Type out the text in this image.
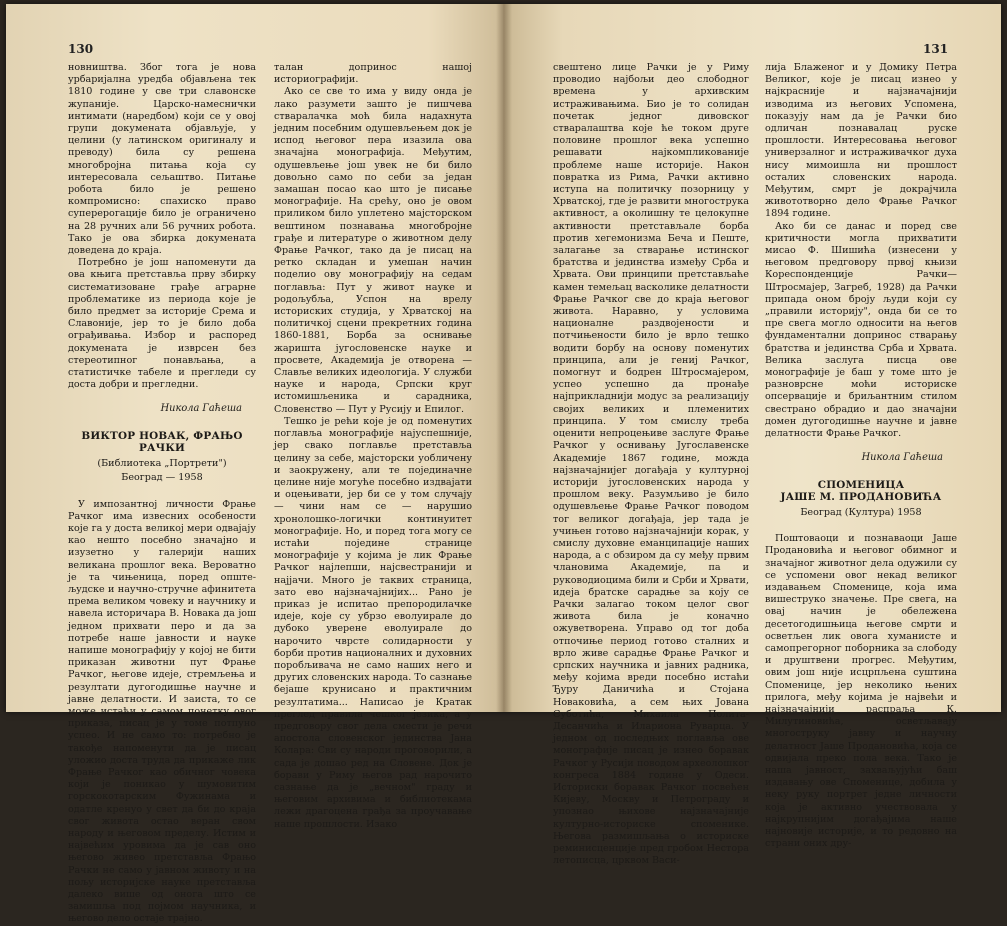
130

новништва. Због тога је нова урбаријална уредба објављена тек 1810 године у све три славонске жупаније. Царско-намеснички интимати (наредбом) који се у овој групи докумената објављује, у целини (у латинском оригиналу и преводу) била су решена многобројна питања која су интересовала сељаштво. Питање робота било је решено компромисно: спахиско право суперерогације било је ограничено на 28 ручних али 56 ручних робота. Тако је ова збирка докумената доведена до краја.

Потребно је још напоменути да ова књига претставља прву збирку систематизоване грађе аграрне проблематике из периода које је било предмет за историје Срема и Славоније, јер то је било доба ограђивања. Избор и распоред докумената је изврсен без стереотипног понављања, а статистичке табеле и прегледи су доста добри и прегледни.

Никола Гаћеша
ВИКТОР НОВАК, ФРАЊО РАЧКИ
(Библиотека „Портрети")
Београд — 1958

У импозантној личности Фрање Рачког има извесних особености које га у доста великој мери одвајају као нешто посебно значајно и изузетно у галерији наших великана прошлог века. Вероватно је та чињеница, поред опште-људске и научно-стручне афинитета према великом човеку и научнику и навела историчара В. Новака да још једном прихвати перо и да за потребе наше јавности и науке напише монографију у којој не бити приказан животни пут Фрање Рачког, његове идеје, стремљења и резултати дугогодишње научне и јавне делатности. И заиста, то се може истаћи у самом почетку овог приказа, писац је у томе потпуно успео. И не само то: потребно је такође напоменути да је писац уложио доста труда да прикаже лик Фрање Рачког као обичног човека који је поникао у шумовитим горскокотарским Фужинама и одатле кренуо у свет да би до краја свог живота остао веран свом народу и његовом пределу. Истим и највећим уровима да је сав оно његово живео претставља Фрањо Рачки не само у јавном животу и на пољу историјске науке претставља далеко више од онога што се замишља под појмом научника, и његово дело остаје трајно.

талан допринос нашој историографији.

Ако се све то има у виду онда је лако разумети зашто је пишчева стваралачка моћ била надахнута једним посебним одушевљењем док је испод његовог пера изазила ова значајна монографија. Међутим, одушевљење још увек не би било довољно само по себи за један замашан посао као што је писање монографије. На срећу, оно је овом приликом било уплетено мајсторском вештином познавања многобројне грађе и литературе о животном делу Фрање Рачког, тако да је писац на ретко складан и умешан начин поделио ову монографију на седам поглавља: Пут у живот науке и родољубља, Успон на врелу историских студија, у Хрватској на политичкој сцени прекретних година 1860-1881, Борба за оснивање жаришта југословенске науке и просвете, Академија је отворена — Славље великих идеологија. У служби науке и народа, Српски круг истомишљеника и сарадника, Словенство — Пут у Русију и Епилог.

Тешко је рећи које је од поменутих поглавља монографије најуспешније, јер свако поглавље претставља целину за себе, мајсторски уобличену и заокружену, али те појединачне целине није могуће посебно издвајати и оцењивати, јер би се у том случају — чини нам се — нарушио хронолошко-логички континуитет монографије. Но, и поред тога могу се истаћи поједине странице монографије у којима је лик Фрање Рачког најлепши, најсвестранији и најјачи. Много је таквих страница, зато ево најзначајнијих... Рано је приказ је испитао препородилачке идеје, које су убрзо еволуирале до дубоко уверене еволуирале до нарочито чврсте солидарности у борби против националних и духовних поробљивача не само наших него и других словенских народа. То сазнање бејаше крунисано и практичним резултатима... Написао је Кратак преглед правила чешког језика, а у предговору свог дела смести је речи апостола словенског јединства Јана Колара: Сви су народи проговорили, а сада је дошао ред на Словене. Док је борави у Риму његов рад нарочито сазнање да је „вечном" граду и његовим архивима и библиотекама лежи драгоцена грађа за проучавање наше прошлости. Изако

131

свештено лице Рачки је у Риму проводио најбољи део слободног времена у архивским истраживањима. Био је то солидан почетак једног дивовског стваралаштва које ће током друге половине прошлог века успешно решавати најкомпликованије проблеме наше историје. Након повратка из Рима, Рачки активно иступа на политичку позорницу у Хрватској, где је развити многострука активност, а околишну те целокупне активности претстављале борба против хегемонизма Беча и Пеште, залагање за стварање истинског братства и јединства између Срба и Хрвата. Ови принципи претстављаће камен темељац васколике делатности Фрање Рачког све до краја његовог живота. Наравно, у условима националне раздвојености и потчињености било је врло тешко водити борбу на основу поменутих принципа, али је гениј Рачког, помогнут и бодрен Штросмајером, успео успешно да пронађе најприкладнији модус за реализацију својих великих и племенитих принципа. У том смислу треба оценити непроцењиве заслуге Фрање Рачког у оснивању Југославенске Академије 1867 године, можда најзначајнијег догађаја у културној историји југословенских народа у прошлом веку. Разумљиво је било одушевљење Фрање Рачког поводом тог великог догађаја, јер тада је учињен готово најзначајнији корак, у смислу духовне еманципације наших народа, а с обзиром да су међу првим члановима Академије, па и руководиоцима били и Срби и Хрвати, идеја братске сарадње за коју се Рачки залагао током целог свог живота била је коначно ожуветворена. Управо од тог доба отпочиње период готово сталних и врло живе сарадње Фрање Рачког и српских научника и јавних радника, међу којима вреди посебно истаћи Ђуру Даничића и Стојана Новаковића, а сем њих Јована Суботића, Михаила Полита-Десанчића и Илариона Руварца. У једном од последњих поглавља ове монографије писац је изнео боравак Рачког у Русији поводом археолошког конгреса 1884 године у Одеси. Историски боравак Рачког посвећен Кијеву, Москву и Петрограду и упознао њихове најзначајније културно-историске споменике. Његова размишљања о историске реминисценције пред гробом Нестора летописца, црквом Васи-

лија Блаженог и у Домику Петра Великог, које је писац изнео у најкрасније и најзначајнији изводима из његових Успомена, показују нам да је Рачки био одличан познавалац руске прошлости. Интересовања његовог универзалног и истраживачког духа нису мимоишла ни прошлост осталих словенских народа. Међутим, смрт је докрајчила живототворно дело Фрање Рачког 1894 године.

Ако би се данас и поред све критичности могла прихватити мисао Ф. Шишића (изнесени у његовом предговору првој књизи Кореспонденције Рачки—Штросмајер, Загреб, 1928) да Рачки припада оном броју људи који су „правили историју", онда би се то пре свега могло односити на његов фундаментални допринос стварању братства и јединства Срба и Хрвата. Велика заслуга писца ове монографије је баш у томе што је разноврсне моћи историске опсервације и бриљантним стилом свестрано обрадио и дао значајни домен дугогодишње научне и јавне делатности Фрање Рачког.

Никола Гаћеша
СПОМЕНИЦА
ЈАШЕ М. ПРОДАНОВИЋА
Београд (Култура) 1958

Поштоваоци и познаваоци Јаше Продановића и његовог обимног и значајног животног дела одужили су се успомени овог некад великог издавањем Споменице, која има вишеструко значење. Пре свега, на овај начин је обележена десетогодишњица његове смрти и осветљен лик овога хуманисте и самопрегорног поборника за слободу и друштвени прогрес. Међутим, овим још није исцрпљена суштина Споменице, јер неколико њених прилога, међу којима је највећи и најзначајнији распраља К. Милутиновића, осветљавају многоструку јавну и научну делатност Јаше Продановића, која се одвијала преко пола века. Тако је наша јавност, захваљујући баш издавању ове Споменице, добила у неку руку портрет једне личности која је активно учествовала у најкрупнијим догађајима наше најновије историје, и то редовно на страни оних дру-
